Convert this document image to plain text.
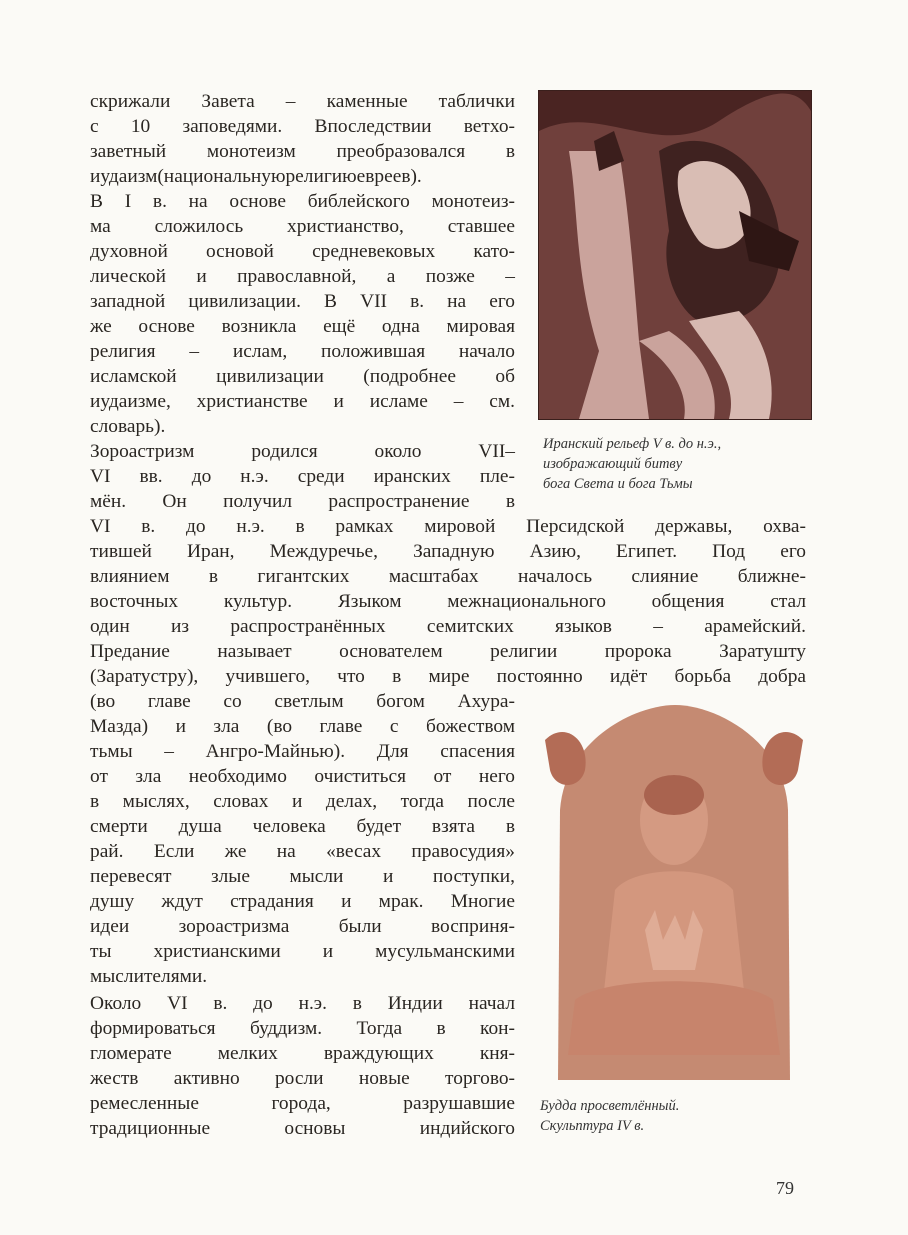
скрижали Завета – каменные таблички
с 10 заповедями. Впоследствии ветхо-
заветный монотеизм преобразовался в
иудаизм(национальнуюрелигиюевреев).
В I в. на основе библейского монотеиз-
ма сложилось христианство, ставшее
духовной основой средневековых като-
лической и православной, а позже –
западной цивилизации. В VII в. на его
же основе возникла ещё одна мировая
религия – ислам, положившая начало
исламской цивилизации (подробнее об
иудаизме, христианстве и исламе – см.
словарь).
Зороастризм родился около VII–
VI вв. до н.э. среди иранских пле-
мён. Он получил распространение в
VI в. до н.э. в рамках мировой Персидской державы, охва-
тившей Иран, Междуречье, Западную Азию, Египет. Под его
влиянием в гигантских масштабах началось слияние ближне-
восточных культур. Языком межнационального общения стал
один из распространённых семитских языков – арамейский.
Предание называет основателем религии пророка Заратушту
(Заратустру), учившего, что в мире постоянно идёт борьба добра
(во главе со светлым богом Ахура-
Мазда) и зла (во главе с божеством
тьмы – Ангро-Майнью). Для спасения
от зла необходимо очиститься от него
в мыслях, словах и делах, тогда после
смерти душа человека будет взята в
рай. Если же на «весах правосудия»
перевесят злые мысли и поступки,
душу ждут страдания и мрак. Многие
идеи зороастризма были восприня-
ты христианскими и мусульманскими
мыслителями.
Около VI в. до н.э. в Индии начал
формироваться буддизм. Тогда в кон-
гломерате мелких враждующих кня-
жеств активно росли новые торгово-
ремесленные города, разрушавшие
традиционные основы индийского
Иранский рельеф V в. до н.э.,
изображающий битву
бога Света и бога Тьмы
Будда просветлённый.
Скульптура IV в.
79
